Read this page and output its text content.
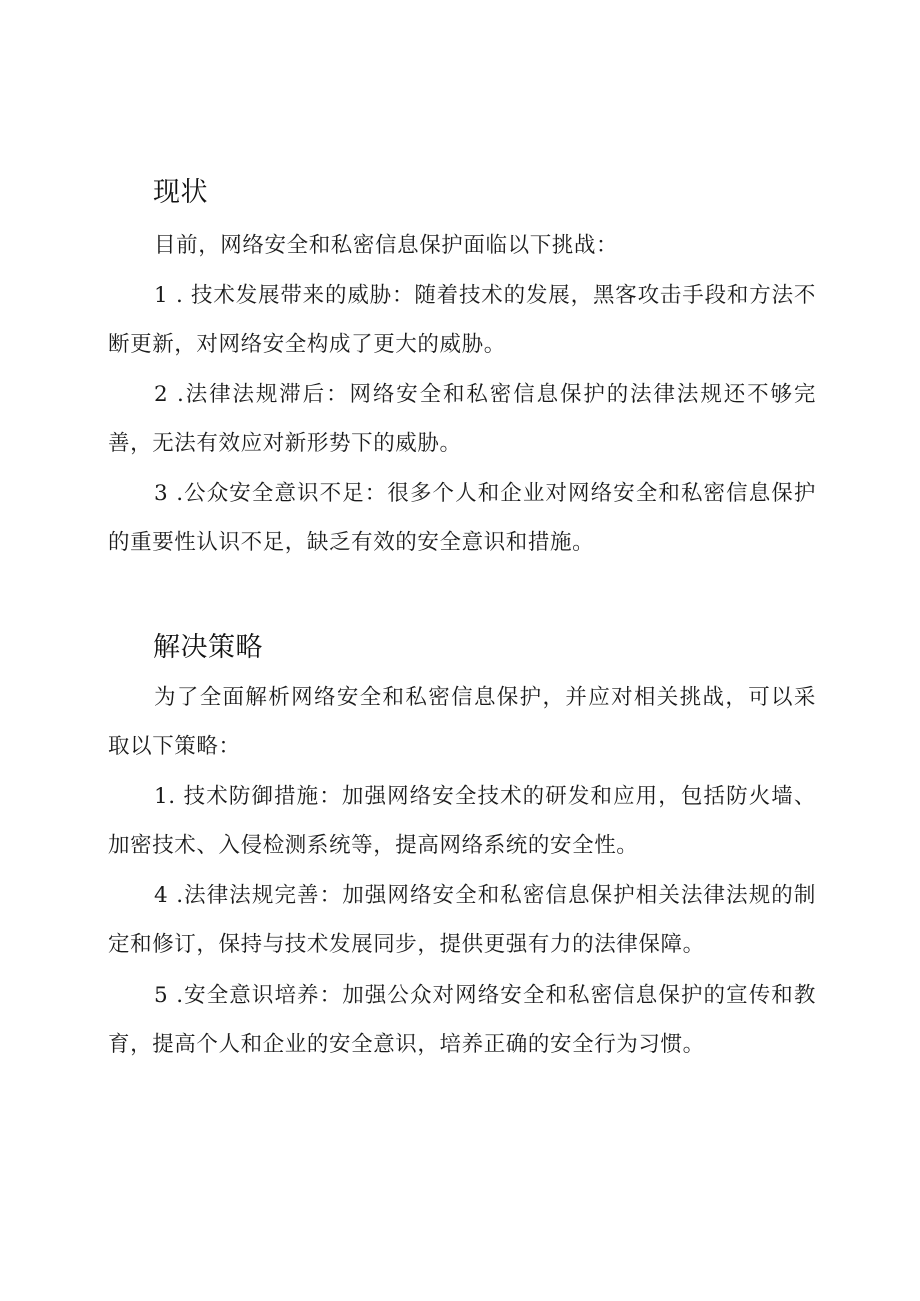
现状

目前，网络安全和私密信息保护面临以下挑战：

1 . 技术发展带来的威胁：随着技术的发展，黑客攻击手段和方法不断更新，对网络安全构成了更大的威胁。

2 .法律法规滞后：网络安全和私密信息保护的法律法规还不够完善，无法有效应对新形势下的威胁。

3 .公众安全意识不足：很多个人和企业对网络安全和私密信息保护的重要性认识不足，缺乏有效的安全意识和措施。

解决策略

为了全面解析网络安全和私密信息保护，并应对相关挑战，可以采取以下策略：

1. 技术防御措施：加强网络安全技术的研发和应用，包括防火墙、加密技术、入侵检测系统等，提高网络系统的安全性。

4 .法律法规完善：加强网络安全和私密信息保护相关法律法规的制定和修订，保持与技术发展同步，提供更强有力的法律保障。

5 .安全意识培养：加强公众对网络安全和私密信息保护的宣传和教育，提高个人和企业的安全意识，培养正确的安全行为习惯。
